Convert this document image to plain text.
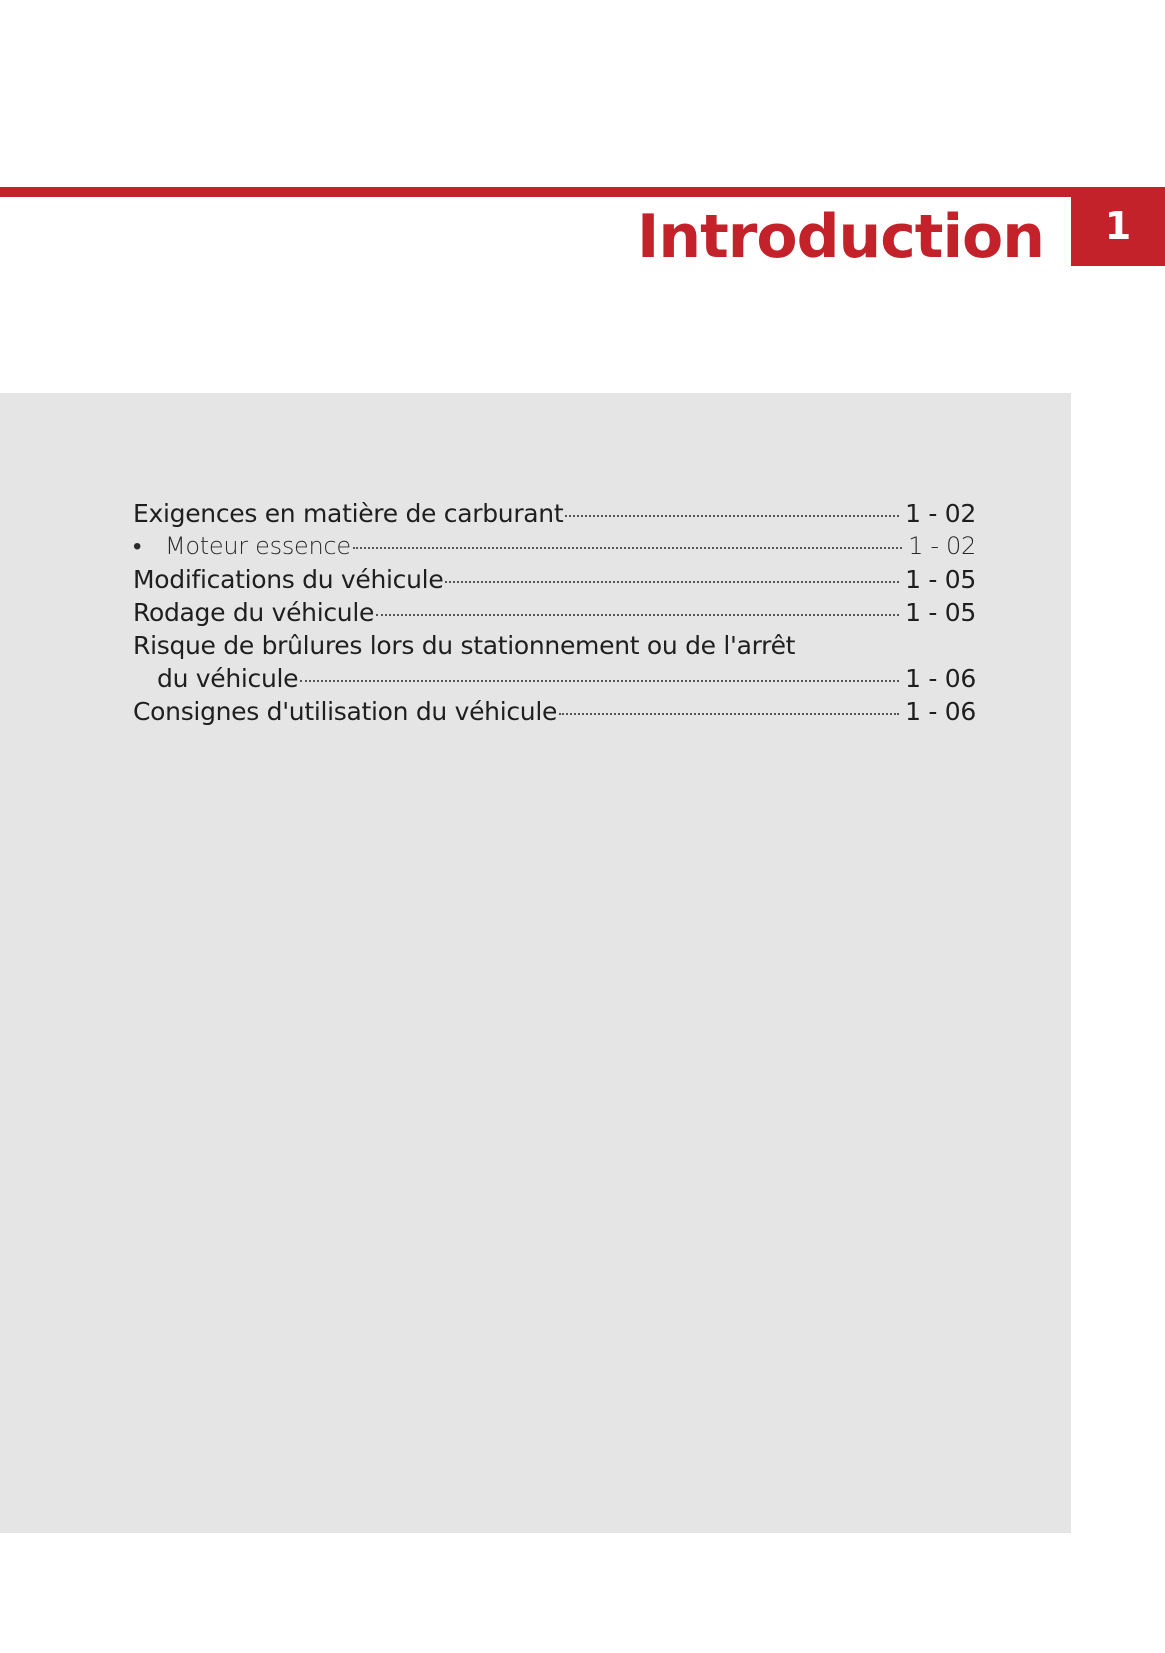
Introduction	1
Exigences en matière de carburant	1 - 02
• Moteur essence	1 - 02
Modifications du véhicule	1 - 05
Rodage du véhicule	1 - 05
Risque de brûlures lors du stationnement ou de l'arrêt
du véhicule	1 - 06
Consignes d'utilisation du véhicule	1 - 06
